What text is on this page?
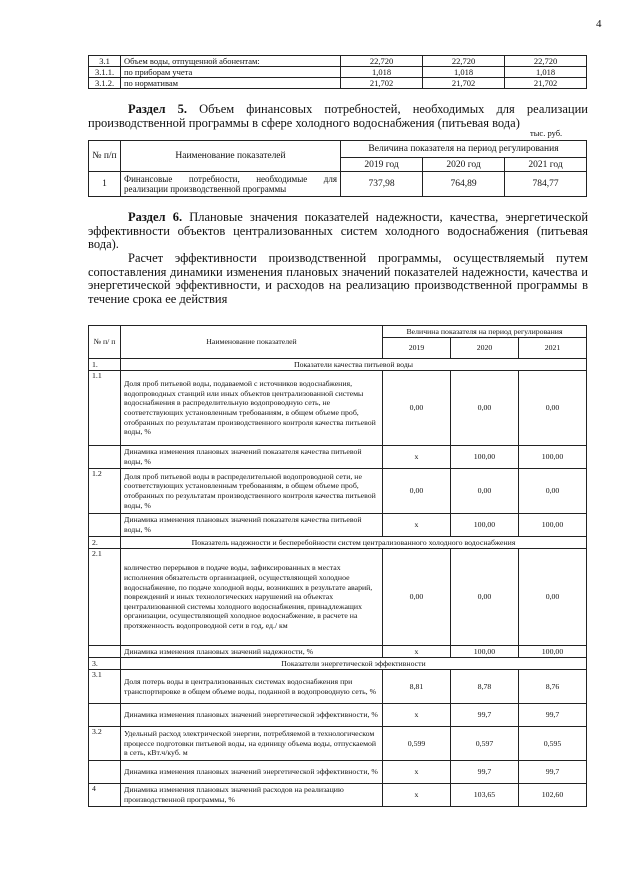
4
3.1	Объем воды, отпущенной абонентам:	22,720	22,720	22,720
3.1.1.	по приборам учета	1,018	1,018	1,018
3.1.2.	по нормативам	21,702	21,702	21,702
Раздел 5. Объем финансовых потребностей, необходимых для реализации производственной программы в сфере холодного водоснабжения (питьевая вода)
тыс. руб.
№ п/п	Наименование показателей	Величина показателя на период регулирования		
		2019 год	2020 год	2021 год
1	Финансовые потребности, необходимые для реализации производственной программы	737,98	764,89	784,77
Раздел 6. Плановые значения показателей надежности, качества, энергетической эффективности объектов централизованных систем холодного водоснабжения (питьевая вода).
Расчет эффективности производственной программы, осуществляемый путем сопоставления динамики изменения плановых значений показателей надежности, качества и энергетической эффективности, и расходов на реализацию производственной программы в течение срока ее действия
№ п/ п	Наименование показателей	Величина показателя на период регулирования		
		2019	2020	2021
1.	Показатели качества питьевой воды			
1.1	Доля проб питьевой воды, подаваемой с источников водоснабжения, водопроводных станций или иных объектов централизованной системы водоснабжения в распределительную водопроводную сеть, не соответствующих установленным требованиям, в общем объеме проб, отобранных по результатам производственного контроля качества питьевой воды, %	0,00	0,00	0,00
	Динамика изменения плановых значений показателя качества питьевой воды, %	х	100,00	100,00
1.2	Доля проб питьевой воды в распределительной водопроводной сети, не соответствующих установленным требованиям, в общем объеме проб, отобранных по результатам производственного контроля качества питьевой воды, %	0,00	0,00	0,00
	Динамика изменения плановых значений показателя качества питьевой воды, %	х	100,00	100,00
2.	Показатель надежности и бесперебойности систем централизованного холодного водоснабжения			
2.1	количество перерывов в подаче воды, зафиксированных в местах исполнения обязательств организацией, осуществляющей холодное водоснабжение, по подаче холодной воды, возникших в результате аварий, повреждений и иных технологических нарушений на объектах централизованной системы холодного водоснабжения, принадлежащих организации, осуществляющей холодное водоснабжение, в расчете на протяженность водопроводной сети в год, ед./ км	0,00	0,00	0,00
	Динамика изменения плановых значений надежности, %	х	100,00	100,00
3.	Показатели энергетической эффективности			
3.1	Доля потерь воды в централизованных системах водоснабжения при транспортировке в общем объеме воды, поданной в водопроводную сеть, %	8,81	8,78	8,76
	Динамика изменения плановых значений энергетической эффективности, %	х	99,7	99,7
3.2	Удельный расход электрической энергии, потребляемой в технологическом процессе подготовки питьевой воды, на единицу объема воды, отпускаемой в сеть, кВт.ч/куб. м	0,599	0,597	0,595
	Динамика изменения плановых значений энергетической эффективности, %	х	99,7	99,7
4	Динамика изменения плановых значений расходов на реализацию производственной программы, %	х	103,65	102,60
